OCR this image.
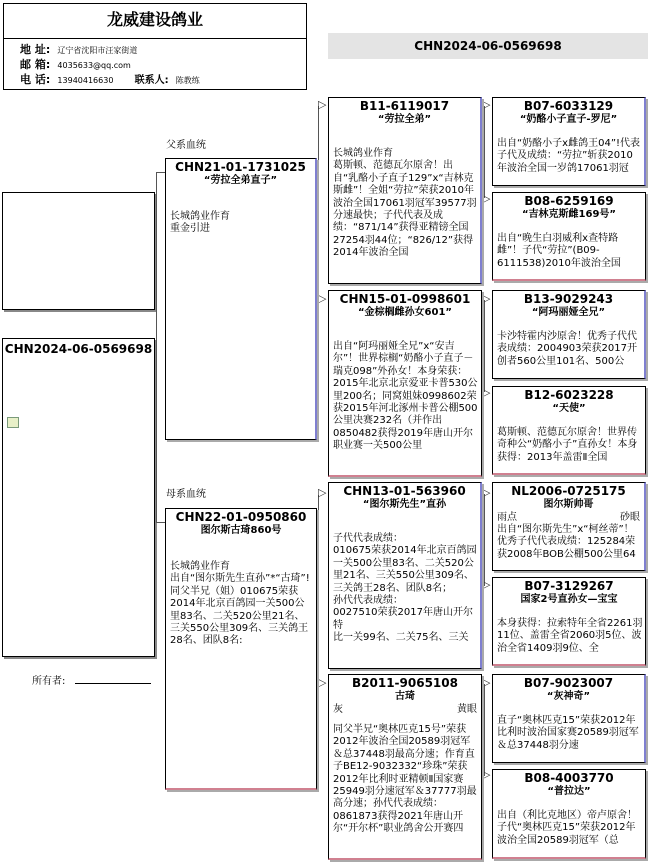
龙威建设鸽业
地 址: 辽宁省沈阳市汪家街道
邮 箱: 4035633@qq.com
电 话: 13940416630 联系人: 陈教练
CHN2024-06-0569698
CHN2024-06-0569698
所有者:
父系血统
母系血统
▷
▷
▷
▷
▷
▷
▷
▷
▷
▷
▷
▷
CHN21-01-1731025
“劳拉全弟直子”
长城鸽业作育
重金引进
CHN22-01-0950860
图尔斯古琦860号
长城鸽业作育
出自“图尔斯先生直孙”*“古琦”!同父半兄（姐）010675荣获2014年北京百鸽园一关500公里83名、二关520公里21名、三关550公里309名、三关鸽王28名、团队8名:
B11-6119017
“劳拉全弟”
长城鸽业作育
葛斯顿、范德瓦尔原舍！出自“乳酪小子直子129”x“吉林克斯雌”！全姐“劳拉”荣获2010年波治全国17061羽冠军39577羽分速最快；子代代表及成绩：“871/14”获得亚精镑全国27254羽44位；“826/12”获得2014年波治全国
CHN15-01-0998601
“金棕榈雌孙女601”
出自“阿玛丽娅全兄”x“安吉尔”！世界棕榈“奶酪小子直子－瑞克098”外孙女！本身荣获：2015年北京北京爱亚卡普530公里200名；同窝姐妹0998602荣获2015年河北涿州卡普公棚500公里决赛232名（并作出0850482获得2019年唐山开尔职业赛一关500公里
CHN13-01-563960
“图尔斯先生”直孙
子代代表成绩：
010675荣获2014年北京百鸽园一关500公里83名、二关520公里21名、三关550公里309名、三关鸽王28名、团队8名；
孙代代表成绩：
0027510荣获2017年唐山开尔特
比一关99名、二关75名、三关
B2011-9065108
古琦
灰	黄眼
同父半兄“奥林匹克15号”荣获2012年波治全国20589羽冠军＆总37448羽最高分速；作育直子BE12-9032332“珍珠”荣获2012年比利时亚精顿Ⅱ国家赛25949羽分速冠军＆37777羽最高分速；孙代代表成绩：0861873获得2021年唐山开尔“开尔杯”职业鸽舍公开赛四
B07-6033129
“奶酪小子直子-罗尼”
出自“奶酪小子x雌鸽王04”!代表子代及成绩：“劳拉”斩获2010年波治全国一岁鸽17061羽冠
B08-6259169
“吉林克斯雌169号”
出自“晚生白羽威利x查特路雌”！子代“劳拉”(B09-6111538)2010年波治全国
B13-9029243
“阿玛丽娅全兄”
卡沙特霍内沙原舍！优秀子代代表成绩：2004903荣获2017开创者560公里101名、500公
B12-6023228
“天使”
葛斯顿、范德瓦尔原舍！世界传奇种公“奶酪小子”直孙女！本身获得：2013年盖雷Ⅱ全国
NL2006-0725175
图尔斯帅哥
雨点	砂眼
出自“图尔斯先生”x“柯丝蒂”！优秀子代代表成绩：125284荣获2008年BOB公棚500公里64
B07-3129267
国家2号直孙女—宝宝
本身获得：拉索特年全省2261羽11位、盖雷全省2060羽5位、波治全省1409羽9位、全
B07-9023007
“灰神奇”
直子“奥林匹克15”荣获2012年比利时波治国家赛20589羽冠军＆总37448羽分速
B08-4003770
“普拉达”
出自（利比克地区）帝卢原舍！子代“奥林匹克15”荣获2012年波治全国20589羽冠军（总
